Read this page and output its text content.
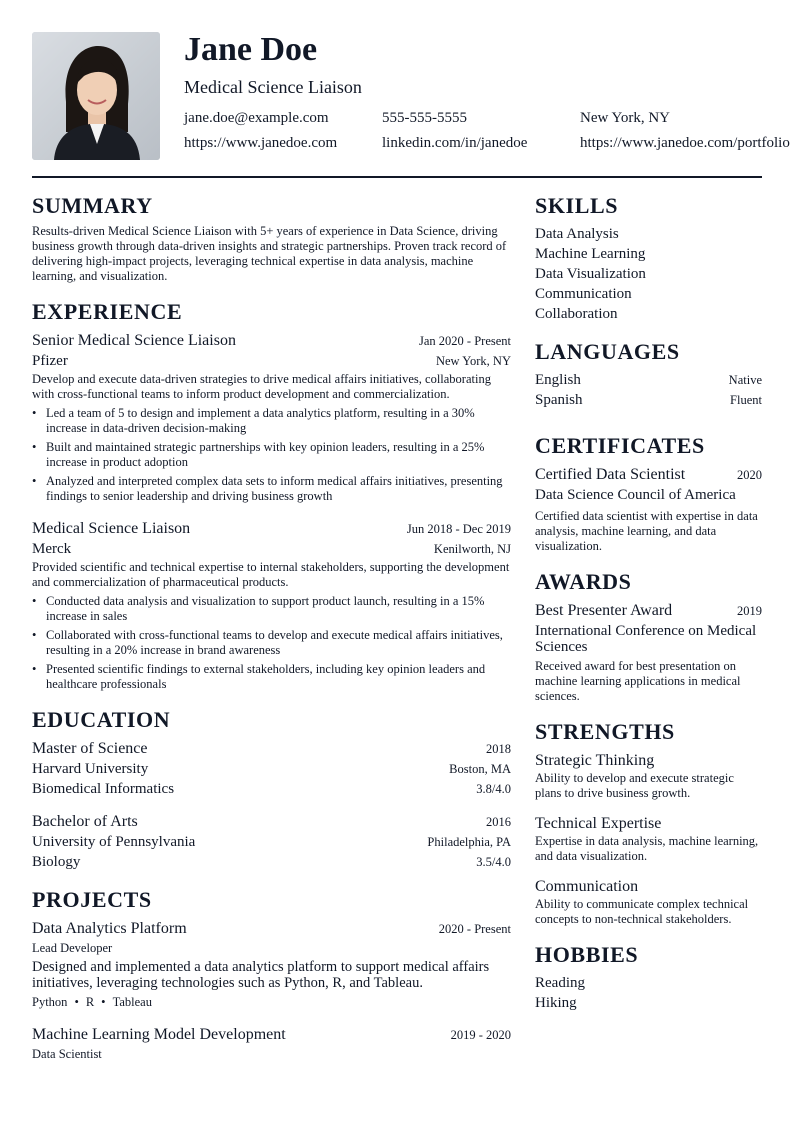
Jane Doe
Medical Science Liaison
jane.doe@example.com	555-555-5555	New York, NY
https://www.janedoe.com	linkedin.com/in/janedoe	https://www.janedoe.com/portfolio
SUMMARY

Results-driven Medical Science Liaison with 5+ years of experience in Data Science, driving business growth through data-driven insights and strategic partnerships. Proven track record of delivering high-impact projects, leveraging technical expertise in data analysis, machine learning, and visualization.

EXPERIENCE
Senior Medical Science Liaison	Jan 2020 - Present
Pfizer	New York, NY

Develop and execute data-driven strategies to drive medical affairs initiatives, collaborating with cross-functional teams to inform product development and commercialization.

• Led a team of 5 to design and implement a data analytics platform, resulting in a 30% increase in data-driven decision-making
• Built and maintained strategic partnerships with key opinion leaders, resulting in a 25% increase in product adoption
• Analyzed and interpreted complex data sets to inform medical affairs initiatives, presenting findings to senior leadership and driving business growth
Medical Science Liaison	Jun 2018 - Dec 2019
Merck	Kenilworth, NJ

Provided scientific and technical expertise to internal stakeholders, supporting the development and commercialization of pharmaceutical products.

• Conducted data analysis and visualization to support product launch, resulting in a 15% increase in sales
• Collaborated with cross-functional teams to develop and execute medical affairs initiatives, resulting in a 20% increase in brand awareness
• Presented scientific findings to external stakeholders, including key opinion leaders and healthcare professionals
EDUCATION
Master of Science	2018
Harvard University	Boston, MA
Biomedical Informatics	3.8/4.0
Bachelor of Arts	2016
University of Pennsylvania	Philadelphia, PA
Biology	3.5/4.0
PROJECTS
Data Analytics Platform	2020 - Present
Lead Developer

Designed and implemented a data analytics platform to support medical affairs initiatives, leveraging technologies such as Python, R, and Tableau.

Python • R • Tableau
Machine Learning Model Development	2019 - 2020
Data Scientist
SKILLS
Data Analysis
Machine Learning
Data Visualization
Communication
Collaboration
LANGUAGES
English	Native
Spanish	Fluent
CERTIFICATES
Certified Data Scientist	2020
Data Science Council of America

Certified data scientist with expertise in data analysis, machine learning, and data visualization.

AWARDS
Best Presenter Award	2019
International Conference on Medical Sciences

Received award for best presentation on machine learning applications in medical sciences.

STRENGTHS
Strategic Thinking

Ability to develop and execute strategic plans to drive business growth.

Technical Expertise

Expertise in data analysis, machine learning, and data visualization.

Communication

Ability to communicate complex technical concepts to non-technical stakeholders.

HOBBIES
Reading
Hiking
